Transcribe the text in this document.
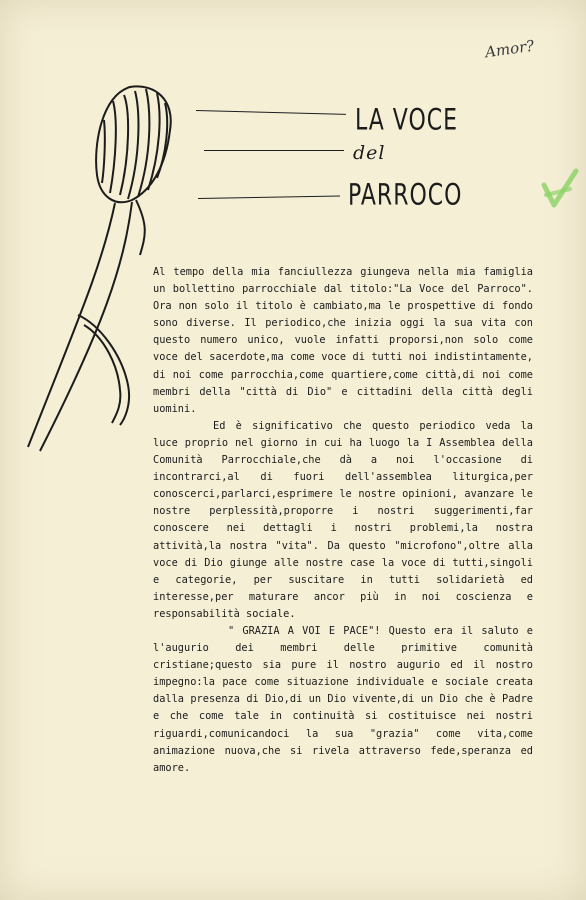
Amor?
LA VOCE
del
PARROCO

Al tempo della mia fanciullezza giungeva nella mia famiglia un bollettino parrocchiale dal titolo:"La Voce del Parroco". Ora non solo il titolo è cambiato,ma le prospettive di fondo sono diverse. Il periodico,che inizia oggi la sua vita con questo numero unico, vuole infatti proporsi,non solo come voce del sacerdote,ma come voce di tutti noi indistintamente, di noi come parrocchia,come quartiere,come città,di noi come membri della "città di Dio" e cittadini della città degli uomini.

Ed è significativo che questo periodico veda la luce proprio nel giorno in cui ha luogo la I Assemblea della Comunità Parrocchiale,che dà a noi l'occasione di incontrarci,al di fuori dell'assemblea liturgica,per conoscerci,parlarci,esprimere le nostre opinioni, avanzare le nostre perplessità,proporre i nostri suggerimenti,far conoscere nei dettagli i nostri problemi,la nostra attività,la nostra "vita". Da questo "microfono",oltre alla voce di Dio giunge alle nostre case la voce di tutti,singoli e categorie, per suscitare in tutti solidarietà ed interesse,per maturare ancor più in noi coscienza e responsabilità sociale.

" GRAZIA A VOI E PACE"! Questo era il saluto e l'augurio dei membri delle primitive comunità cristiane;questo sia pure il nostro augurio ed il nostro impegno:la pace come situazione individuale e sociale creata dalla presenza di Dio,di un Dio vivente,di un Dio che è Padre e che come tale in continuità si costituisce nei nostri riguardi,comunicandoci la sua "grazia" come vita,come animazione nuova,che si rivela attraverso fede,speranza ed amore.
